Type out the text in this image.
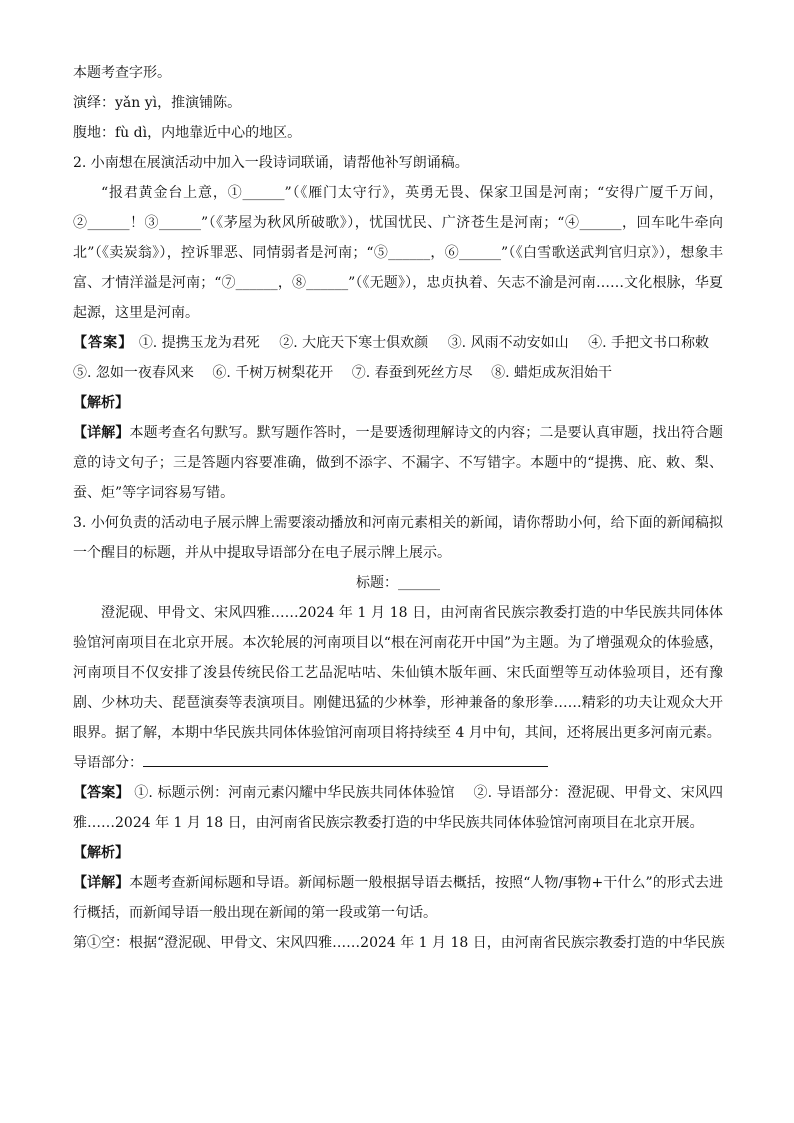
本题考查字形。
演绎：yǎn yì，推演铺陈。
腹地：fù dì，内地靠近中心的地区。
2. 小南想在展演活动中加入一段诗词联诵，请帮他补写朗诵稿。
“报君黄金台上意，①______”（《雁门太守行》，英勇无畏、保家卫国是河南；“安得广厦千万间，②______！③______”（《茅屋为秋风所破歌》），忧国忧民、广济苍生是河南；“④______，回车叱牛牵向北”（《卖炭翁》），控诉罪恶、同情弱者是河南；“⑤______，⑥______”（《白雪歌送武判官归京》），想象丰富、才情洋溢是河南；“⑦______，⑧______”（《无题》），忠贞执着、矢志不渝是河南……文化根脉，华夏起源，这里是河南。
【答案】 ①. 提携玉龙为君死 ②. 大庇天下寒士俱欢颜 ③. 风雨不动安如山 ④. 手把文书口称敕 ⑤. 忽如一夜春风来 ⑥. 千树万树梨花开 ⑦. 春蚕到死丝方尽 ⑧. 蜡炬成灰泪始干
【解析】
【详解】本题考查名句默写。默写题作答时，一是要透彻理解诗文的内容；二是要认真审题，找出符合题意的诗文句子；三是答题内容要准确，做到不添字、不漏字、不写错字。本题中的“提携、庇、敕、梨、蚕、炬”等字词容易写错。
3. 小何负责的活动电子展示牌上需要滚动播放和河南元素相关的新闻，请你帮助小何，给下面的新闻稿拟一个醒目的标题，并从中提取导语部分在电子展示牌上展示。
标题：______
澄泥砚、甲骨文、宋风四雅……2024 年 1 月 18 日，由河南省民族宗教委打造的中华民族共同体体验馆河南项目在北京开展。本次轮展的河南项目以“根在河南花开中国”为主题。为了增强观众的体验感，河南项目不仅安排了浚县传统民俗工艺品泥咕咕、朱仙镇木版年画、宋氏面塑等互动体验项目，还有豫剧、少林功夫、琵琶演奏等表演项目。刚健迅猛的少林拳，形神兼备的象形拳……精彩的功夫让观众大开眼界。据了解，本期中华民族共同体体验馆河南项目将持续至 4 月中旬，其间，还将展出更多河南元素。
导语部分：
【答案】 ①. 标题示例：河南元素闪耀中华民族共同体体验馆　 ②. 导语部分：澄泥砚、甲骨文、宋风四雅……2024 年 1 月 18 日，由河南省民族宗教委打造的中华民族共同体体验馆河南项目在北京开展。
【解析】
【详解】本题考查新闻标题和导语。新闻标题一般根据导语去概括，按照“人物/事物+干什么”的形式去进行概括，而新闻导语一般出现在新闻的第一段或第一句话。
第①空：根据“澄泥砚、甲骨文、宋风四雅……2024 年 1 月 18 日，由河南省民族宗教委打造的中华民族
